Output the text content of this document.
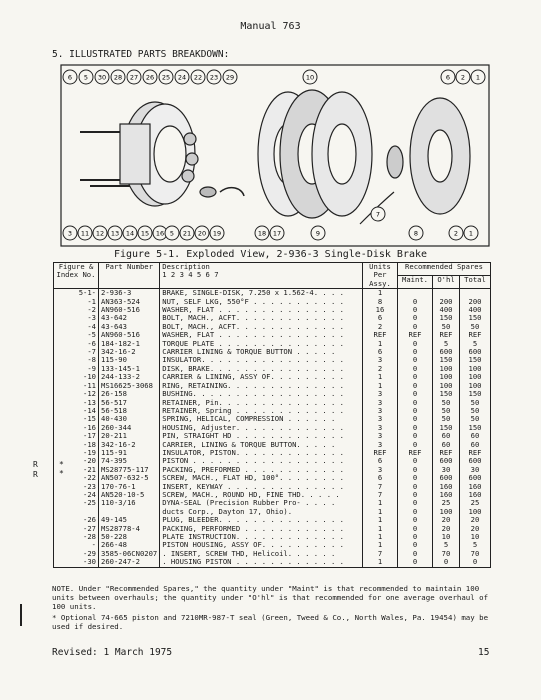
Manual 763
5. ILLUSTRATED PARTS BREAKDOWN:
6 5 30 28 27 26 25 24 22 23 29	10	6 2 1
3 11 12 13 14 15 16 5 21 20 19	18 17	9
7
8	2 1
Figure 5-1. Exploded View, 2-936-3 Single-Disk Brake
Figure & Index No.	Part Number	Description
1 2 3 4 5 6 7	Units Per Assy.	Recommended Spares		
				Maint.	O'hl	Total
5-1-	2-936-3	BRAKE, SINGLE-DISK, 7.250 x 1.562-4. . . .	1			
-1	AN363-524	NUT, SELF LKG, 550°F . . . . . . . . . . .	8	0	200	200
-2	AN960-516	WASHER, FLAT . . . . . . . . . . . . . . .	16	0	400	400
-3	43-642	BOLT, MACH., ACFT. . . . . . . . . . . . .	6	0	150	150
-4	43-643	BOLT, MACH., ACFT. . . . . . . . . . . . .	2	0	50	50
-5	AN960-516	WASHER, FLAT . . . . . . . . . . . . . . .	REF	REF	REF	REF
-6	184-182-1	TORQUE PLATE . . . . . . . . . . . . . . .	1	0	5	5
-7	342-16-2	CARRIER LINING & TORQUE BUTTON . . . . .	6	0	600	600
-8	115-90	INSULATOR. . . . . . . . . . . . . . . . .	3	0	150	150
-9	133-145-1	DISK, BRAKE. . . . . . . . . . . . . . . .	2	0	100	100
-10	244-133-2	CARRIER & LINING, ASSY OF. . . . . . . . .	1	0	100	100
-11	MS16625-3068	RING, RETAINING. . . . . . . . . . . . . .	1	0	100	100
-12	26-158	BUSHING. . . . . . . . . . . . . . . . . .	3	0	150	150
-13	56-517	RETAINER, Pin. . . . . . . . . . . . . . .	3	0	50	50
-14	56-518	RETAINER, Spring . . . . . . . . . . . . .	3	0	50	50
-15	40-430	SPRING, HELICAL, COMPRESSION . . . . . .	3	0	50	50
-16	260-344	HOUSING, Adjuster. . . . . . . . . . . . .	3	0	150	150
-17	20-211	PIN, STRAIGHT HD . . . . . . . . . . . . .	3	0	60	60
-18	342-16-2	CARRIER, LINING & TORQUE BUTTON. . . . .	3	0	60	60
-19	115-91	INSULATOR, PISTON. . . . . . . . . . . . .	REF	REF	REF	REF
-20	74-395	PISTON . . . . . . . . . . . . . . . . . .	6	0	600	600
-21	MS28775-117	PACKING, PREFORMED . . . . . . . . . . . .	3	0	30	30
-22	AN507-632-5	SCREW, MACH., FLAT HD, 100°. . . . . . . .	6	0	600	600
-23	170-76-1	INSERT, KEYWAY . . . . . . . . . . . . . .	7	0	160	160
-24	AN520-10-5	SCREW, MACH., ROUND HD, FINE THD. . . . .	7	0	160	160
-25	110-3/16	DYNA-SEAL (Precision Rubber Pro- . . . .	1	0	25	25
		ducts Corp., Dayton 17, Ohio).	1	0	100	100
-26	49-145	PLUG, BLEEDER. . . . . . . . . . . . . . .	1	0	20	20
-27	MS28778-4	PACKING, PERFORMED . . . . . . . . . . . .	1	0	20	20
-28	50-228	PLATE INSTRUCTION. . . . . . . . . . . . .	1	0	10	10
-	266-48	PISTON HOUSING, ASSY OF. . . . . . . . . .	1	0	5	5
-29	3585-06CN0207	. INSERT, SCREW THD, Helicoil. . . . . .	7	0	70	70
-30	260-247-2	. HOUSING PISTON . . . . . . . . . . . . .	1	0	0	0
R
R
*
*

NOTE. Under "Recommended Spares," the quantity under "Maint" is that recommended to maintain 100 units between overhauls; the quantity under "O'hl" is that recommended for one average overhaul of 100 units.

* Optional 74-665 piston and 7210MR-987-T seal (Green, Tweed & Co., North Wales, Pa. 19454) may be used if desired.

Revised: 1 March 1975	15
